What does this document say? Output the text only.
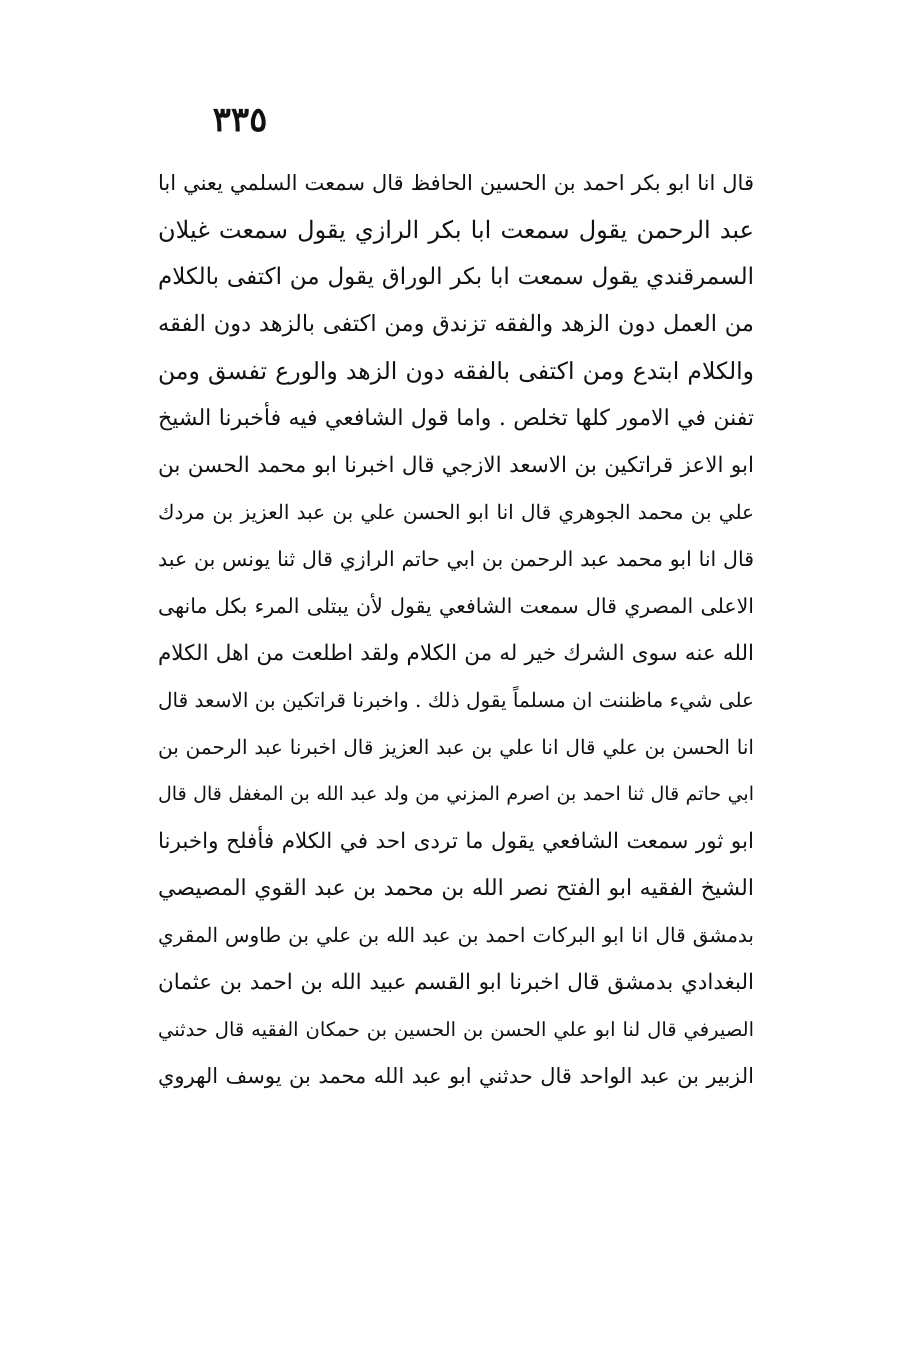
٣٣٥
قال انا ابو بكر احمد بن الحسين الحافظ قال سمعت السلمي يعني ابا
عبد الرحمن يقول سمعت ابا بكر الرازي يقول سمعت غيلان
السمرقندي يقول سمعت ابا بكر الوراق يقول من اكتفى بالكلام
من العمل دون الزهد والفقه تزندق ومن اكتفى بالزهد دون الفقه
والكلام ابتدع ومن اكتفى بالفقه دون الزهد والورع تفسق ومن
تفنن في الامور كلها تخلص . واما قول الشافعي فيه فأخبرنا الشيخ
ابو الاعز قراتكين بن الاسعد الازجي قال اخبرنا ابو محمد الحسن بن
علي بن محمد الجوهري قال انا ابو الحسن علي بن عبد العزيز بن مردك
قال انا ابو محمد عبد الرحمن بن ابي حاتم الرازي قال ثنا يونس بن عبد
الاعلى المصري قال سمعت الشافعي يقول لأن يبتلى المرء بكل مانهى
الله عنه سوى الشرك خير له من الكلام ولقد اطلعت من اهل الكلام
على شيء ماظننت ان مسلماً يقول ذلك . واخبرنا قراتكين بن الاسعد قال
انا الحسن بن علي قال انا علي بن عبد العزيز قال اخبرنا عبد الرحمن بن
ابي حاتم قال ثنا احمد بن اصرم المزني من ولد عبد الله بن المغفل قال قال
ابو ثور سمعت الشافعي يقول ما تردى احد في الكلام فأفلح واخبرنا
الشيخ الفقيه ابو الفتح نصر الله بن محمد بن عبد القوي المصيصي
بدمشق قال انا ابو البركات احمد بن عبد الله بن علي بن طاوس المقري
البغدادي بدمشق قال اخبرنا ابو القسم عبيد الله بن احمد بن عثمان
الصيرفي قال لنا ابو علي الحسن بن الحسين بن حمكان الفقيه قال حدثني
الزبير بن عبد الواحد قال حدثني ابو عبد الله محمد بن يوسف الهروي
